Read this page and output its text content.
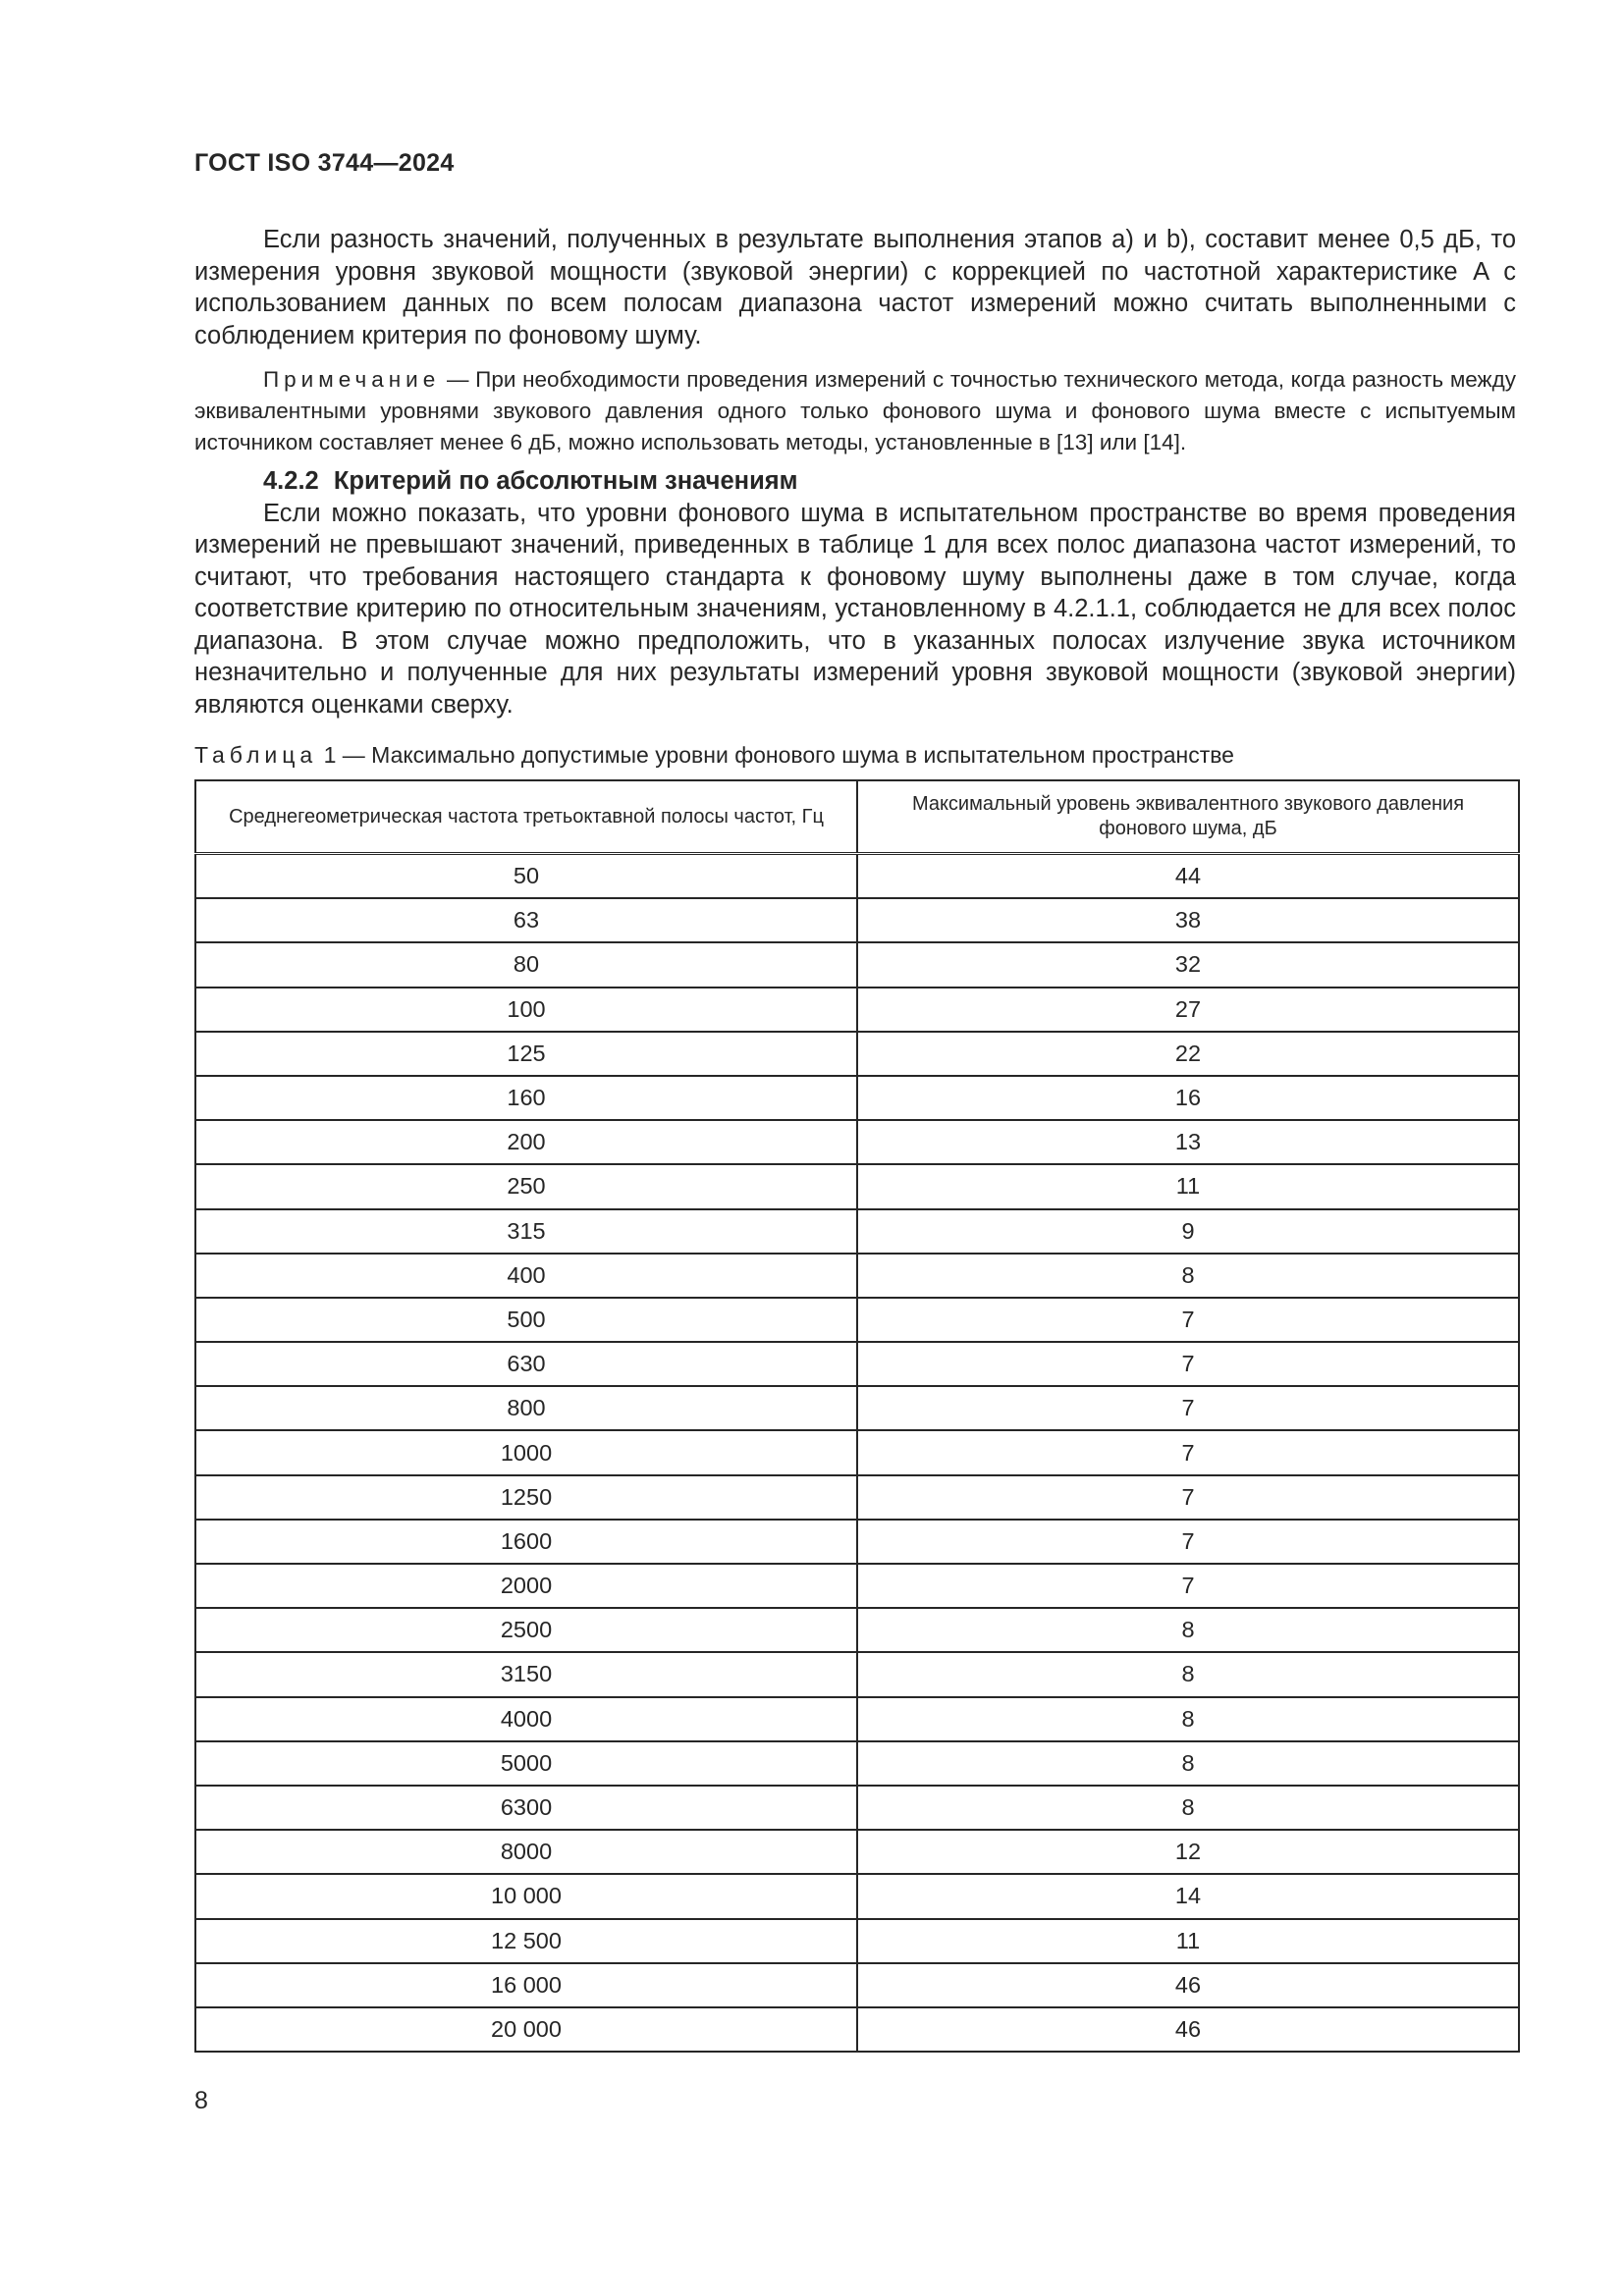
ГОСТ ISO 3744—2024

Если разность значений, полученных в результате выполнения этапов a) и b), составит менее 0,5 дБ, то измерения уровня звуковой мощности (звуковой энергии) с коррекцией по частотной характеристике A с использованием данных по всем полосам диапазона частот измерений можно считать выполненными с соблюдением критерия по фоновому шуму.

Примечание — При необходимости проведения измерений с точностью технического метода, когда разность между эквивалентными уровнями звукового давления одного только фонового шума и фонового шума вместе с испытуемым источником составляет менее 6 дБ, можно использовать методы, установленные в [13] или [14].

4.2.2 Критерий по абсолютным значениям

Если можно показать, что уровни фонового шума в испытательном пространстве во время проведения измерений не превышают значений, приведенных в таблице 1 для всех полос диапазона частот измерений, то считают, что требования настоящего стандарта к фоновому шуму выполнены даже в том случае, когда соответствие критерию по относительным значениям, установленному в 4.2.1.1, соблюдается не для всех полос диапазона. В этом случае можно предположить, что в указанных полосах излучение звука источником незначительно и полученные для них результаты измерений уровня звуковой мощности (звуковой энергии) являются оценками сверху.

Таблица 1 — Максимально допустимые уровни фонового шума в испытательном пространстве
Среднегеометрическая частота третьоктавной полосы частот, Гц	Максимальный уровень эквивалентного звукового давления фонового шума, дБ
50	44
63	38
80	32
100	27
125	22
160	16
200	13
250	11
315	9
400	8
500	7
630	7
800	7
1000	7
1250	7
1600	7
2000	7
2500	8
3150	8
4000	8
5000	8
6300	8
8000	12
10 000	14
12 500	11
16 000	46
20 000	46
8
